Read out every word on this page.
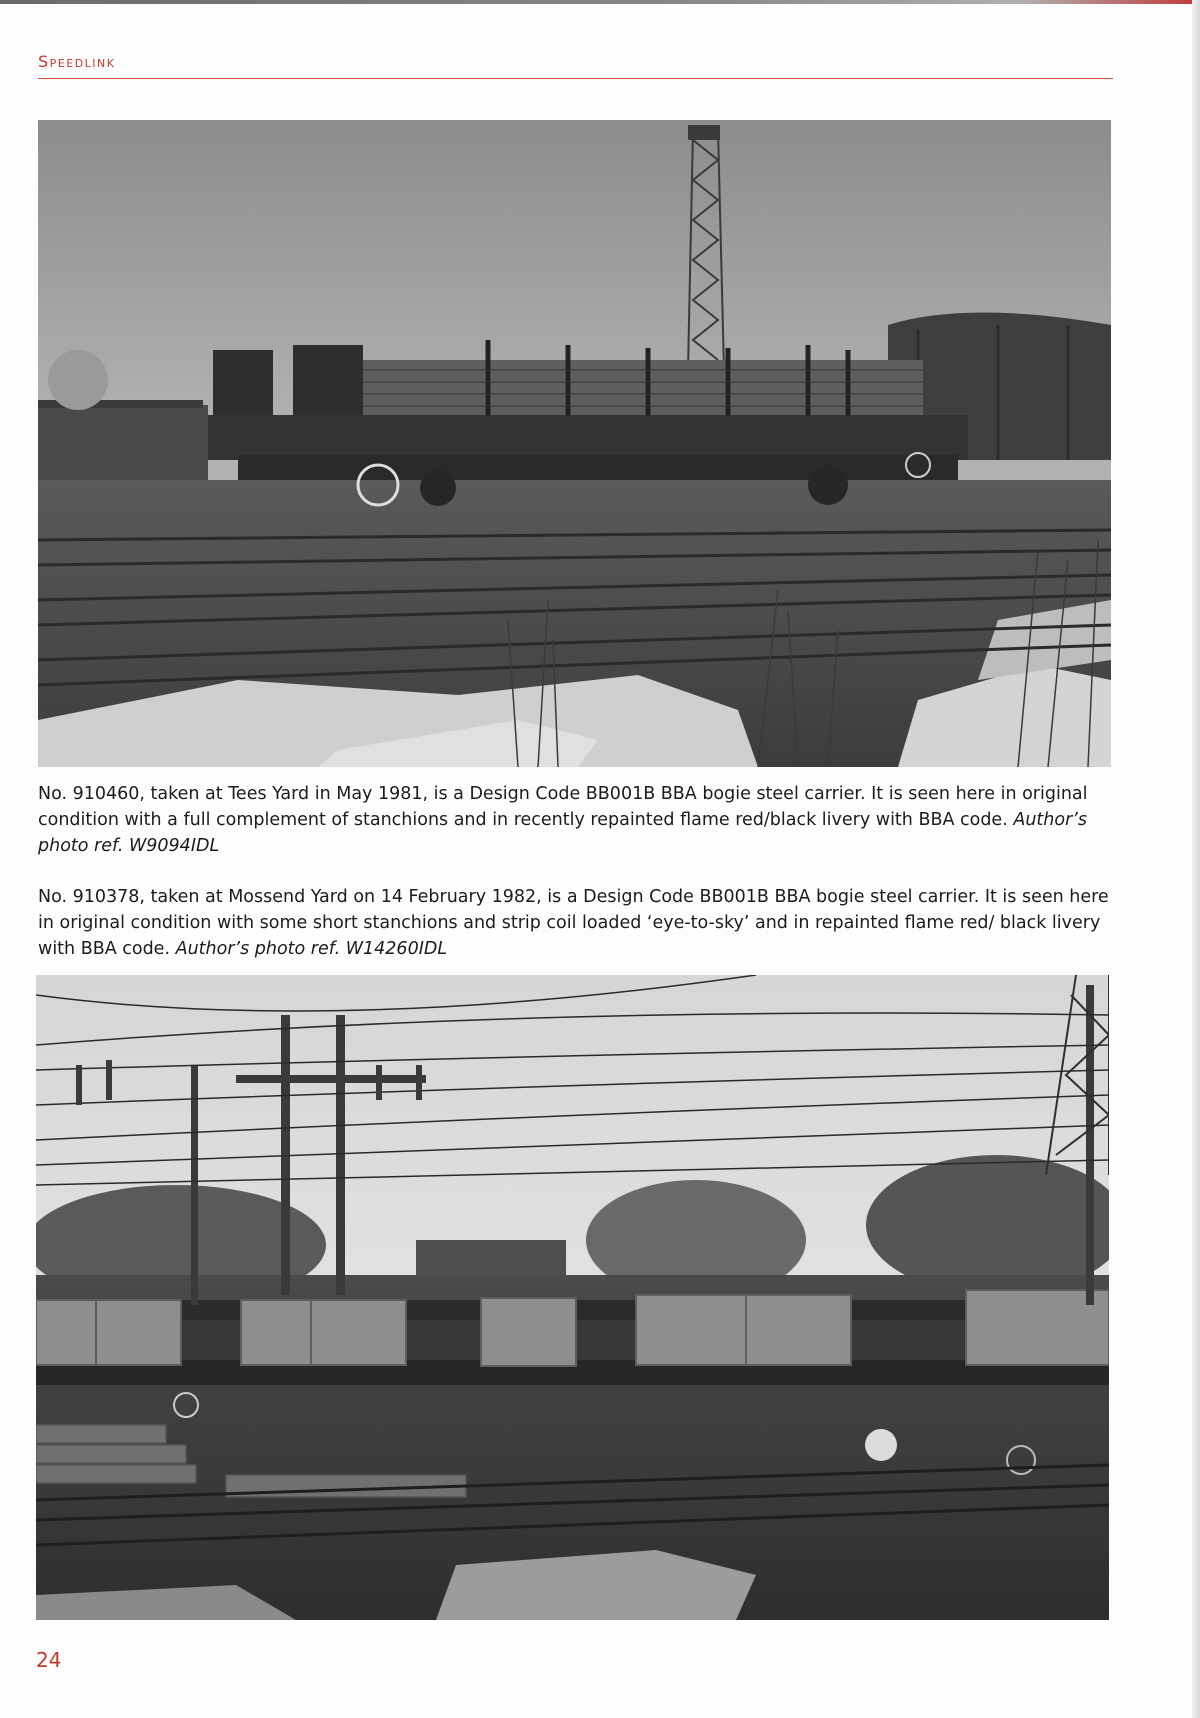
Speedlink
No. 910460, taken at Tees Yard in May 1981, is a Design Code BB001B BBA bogie steel carrier. It is seen here in original condition with a full complement of stanchions and in recently repainted flame red/black livery with BBA code. Author’s photo ref. W9094IDL
No. 910378, taken at Mossend Yard on 14 February 1982, is a Design Code BB001B BBA bogie steel carrier. It is seen here in original condition with some short stanchions and strip coil loaded ‘eye-to-sky’ and in repainted flame red/ black livery with BBA code. Author’s photo ref. W14260IDL
24
